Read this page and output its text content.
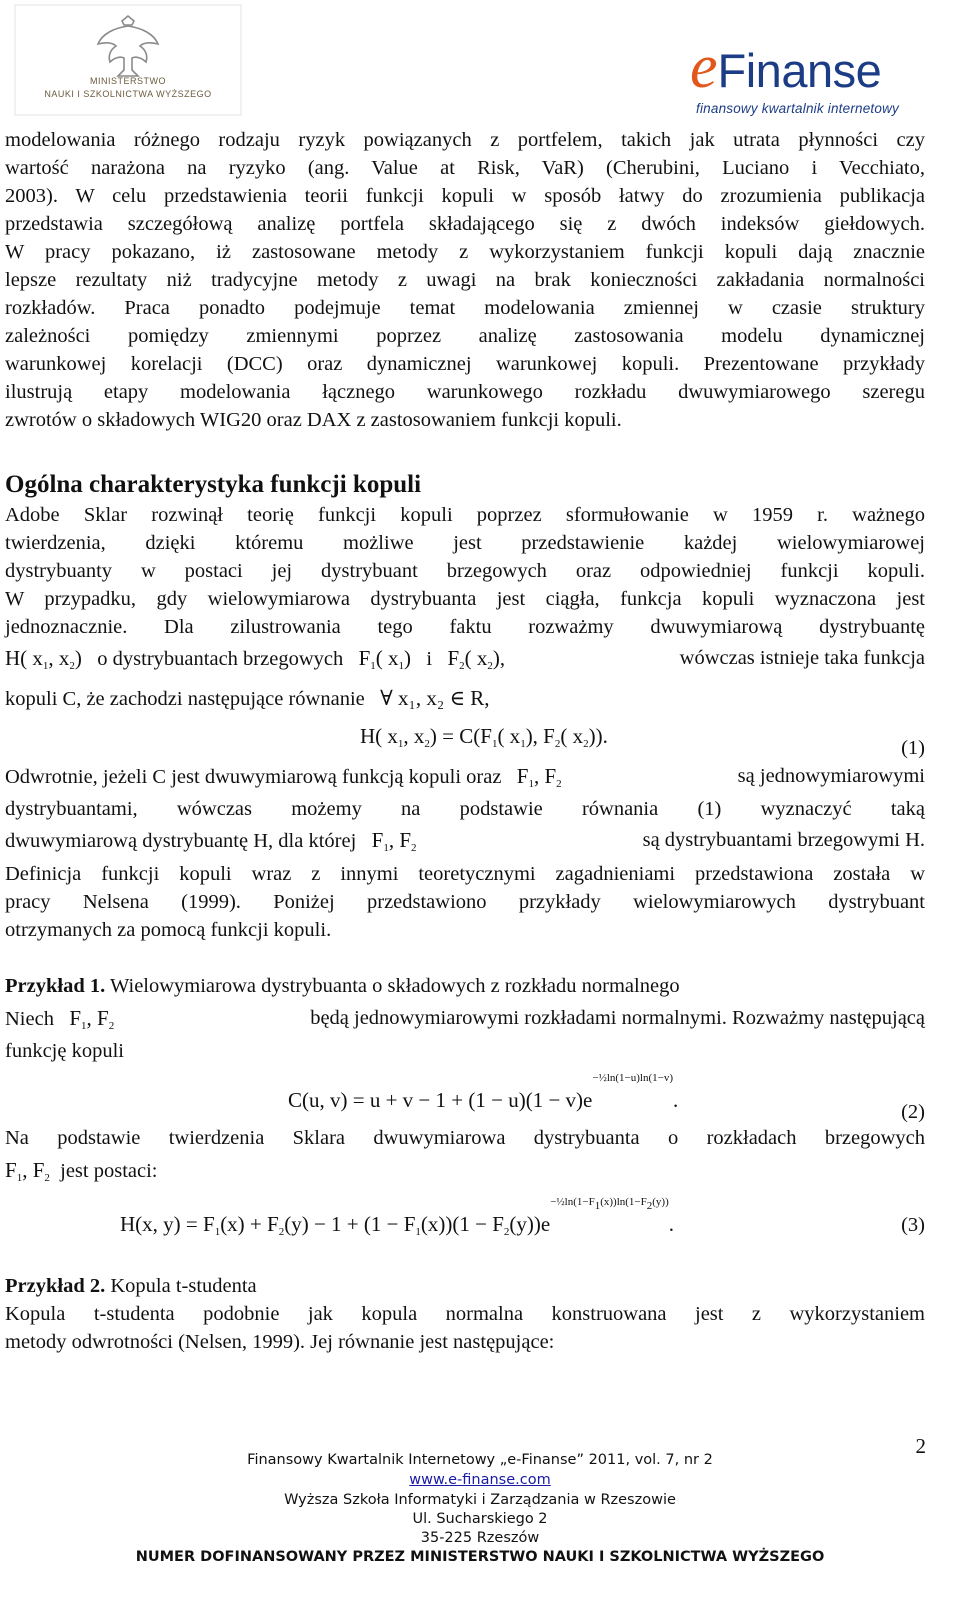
MINISTERSTWO
NAUKI I SZKOLNICTWA WYŻSZEGO	eFinanse
finansowy kwartalnik internetowy
modelowania różnego rodzaju ryzyk powiązanych z portfelem, takich jak utrata płynności czy
wartość narażona na ryzyko (ang. Value at Risk, VaR) (Cherubini, Luciano i Vecchiato,
2003). W celu przedstawienia teorii funkcji kopuli w sposób łatwy do zrozumienia publikacja
przedstawia szczegółową analizę portfela składającego się z dwóch indeksów giełdowych.
W pracy pokazano, iż zastosowane metody z wykorzystaniem funkcji kopuli dają znacznie
lepsze rezultaty niż tradycyjne metody z uwagi na brak konieczności zakładania normalności
rozkładów. Praca ponadto podejmuje temat modelowania zmiennej w czasie struktury
zależności pomiędzy zmiennymi poprzez analizę zastosowania modelu dynamicznej
warunkowej korelacji (DCC) oraz dynamicznej warunkowej kopuli. Prezentowane przykłady
ilustrują etapy modelowania łącznego warunkowego rozkładu dwuwymiarowego szeregu
zwrotów o składowych WIG20 oraz DAX z zastosowaniem funkcji kopuli.
Ogólna charakterystyka funkcji kopuli
Adobe Sklar rozwinął teorię funkcji kopuli poprzez sformułowanie w 1959 r. ważnego
twierdzenia, dzięki któremu możliwe jest przedstawienie każdej wielowymiarowej
dystrybuanty w postaci jej dystrybuant brzegowych oraz odpowiedniej funkcji kopuli.
W przypadku, gdy wielowymiarowa dystrybuanta jest ciągła, funkcja kopuli wyznaczona jest
jednoznacznie. Dla zilustrowania tego faktu rozważmy dwuwymiarową dystrybuantę
H( $x_1$, $x_2$) o dystrybuantach brzegowych $F_1$( $x_1$) i $F_2$( $x_2$),	wówczas istnieje taka funkcja
kopuli C, że zachodzi następujące równanie ∀ x₁, x₂ ∈ R,
H( $x_1$, $x_2) = C(F_1$( $x_1$), $F_2$( $x_2$)).	(1)
Odwrotnie, jeżeli C jest dwuwymiarową funkcją kopuli oraz $F_1$, $F_2$	są jednowymiarowymi
dystrybuantami, wówczas możemy na podstawie równania (1) wyznaczyć taką
dwuwymiarową dystrybuantę H, dla której $F_1$, $F_2$	są dystrybuantami brzegowymi H.
Definicja funkcji kopuli wraz z innymi teoretycznymi zagadnieniami przedstawiona została w
pracy Nelsena (1999). Poniżej przedstawiono przykłady wielowymiarowych dystrybuant
otrzymanych za pomocą funkcji kopuli.
Przykład 1. Wielowymiarowa dystrybuanta o składowych z rozkładu normalnego
Niech $F_1$, $F_2$	będą jednowymiarowymi rozkładami normalnymi. Rozważmy następującą
funkcję kopuli
C(u, $v) = u + v - 1 + (1 - u)(1 - v)e^{-\frac{1}{2}ln(1-u)ln(1-v)}$.	(2)
Na podstawie twierdzenia Sklara dwuwymiarowa dystrybuanta o rozkładach brzegowych
$F_1$, $F_2$ jest postaci:
H(x, $y) = F_1(x) + F_2(y) - 1 + (1 - F_1(x))(1 - F_2(y))e^{-\frac{1}{2}ln(1-F_1(x))ln(1-F_2(y))}$.	(3)
Przykład 2. Kopula t-studenta
Kopula t-studenta podobnie jak kopula normalna konstruowana jest z wykorzystaniem
metody odwrotności (Nelsen, 1999). Jej równanie jest następujące:
2
Finansowy Kwartalnik Internetowy „e-Finanse” 2011, vol. 7, nr 2
www.e-finanse.com
Wyższa Szkoła Informatyki i Zarządzania w Rzeszowie
Ul. Sucharskiego 2
35-225 Rzeszów
NUMER DOFINANSOWANY PRZEZ MINISTERSTWO NAUKI I SZKOLNICTWA WYŻSZEGO
